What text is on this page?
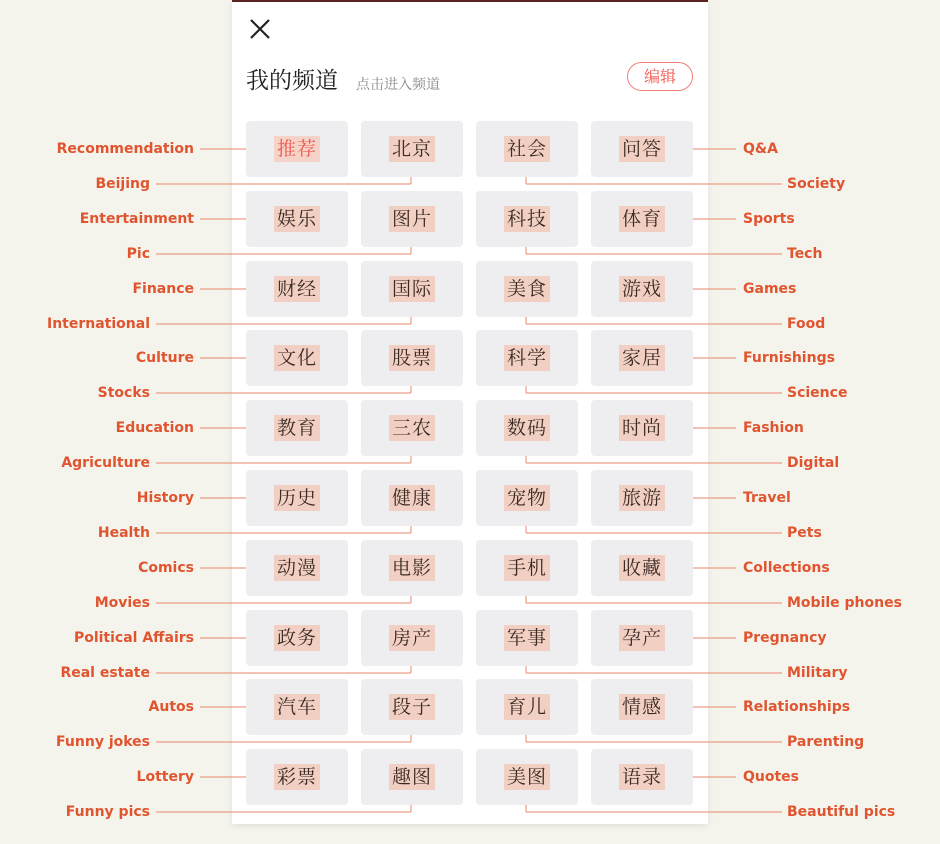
我的频道 点击进入频道	编辑
推荐	北京	社会	问答
Recommendation
Beijing	Society
Q&A
娱乐	图片	科技	体育
Entertainment
Pic	Tech
Sports
财经	国际	美食	游戏
Finance
International	Food
Games
文化	股票	科学	家居
Culture
Stocks	Science
Furnishings
教育	三农	数码	时尚
Education
Agriculture	Digital
Fashion
历史	健康	宠物	旅游
History
Health	Pets
Travel
动漫	电影	手机	收藏
Comics
Movies	Mobile phones
Collections
政务	房产	军事	孕产
Political Affairs
Real estate	Military
Pregnancy
汽车	段子	育儿	情感
Autos
Funny jokes	Parenting
Relationships
彩票	趣图	美图	语录
Lottery
Funny pics	Beautiful pics
Quotes
